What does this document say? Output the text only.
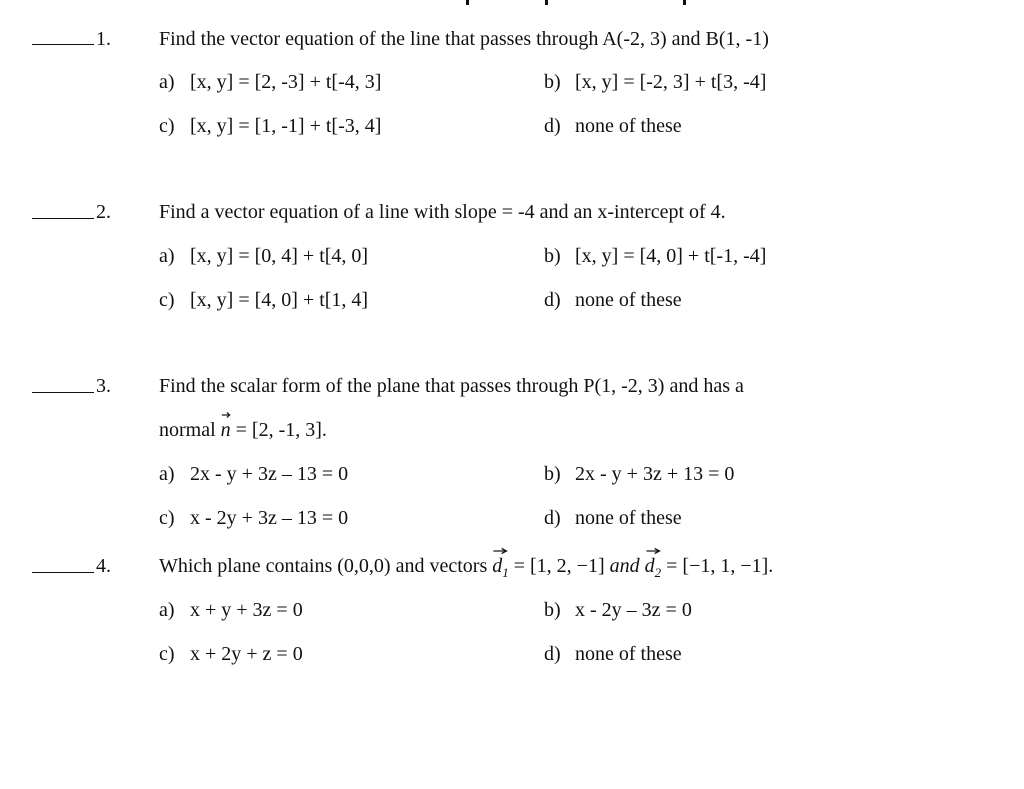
1. Find the vector equation of the line that passes through A(-2, 3) and B(1, -1)
a) [x, y] = [2, -3] + t[-4, 3]	b) [x, y] = [-2, 3] + t[3, -4]
c) [x, y] = [1, -1] + t[-3, 4]	d) none of these
2. Find a vector equation of a line with slope = -4 and an x-intercept of 4.
a) [x, y] = [0, 4] + t[4, 0]	b) [x, y] = [4, 0] + t[-1, -4]
c) [x, y] = [4, 0] + t[1, 4]	d) none of these
3. Find the scalar form of the plane that passes through P(1, -2, 3) and has a
normal
n = [2, -1, 3].
a) 2x - y + 3z – 13 = 0	b) 2x - y + 3z + 13 = 0
c) x - 2y + 3z – 13 = 0	d) none of these
4. Which plane contains (0,0,0) and vectors
$d_1 = [1$, 2, −1] and $d_2 = [-1$, 1, −1].
a) x + y + 3z = 0	b) x - 2y – 3z = 0
c) x + 2y + z = 0	d) none of these
